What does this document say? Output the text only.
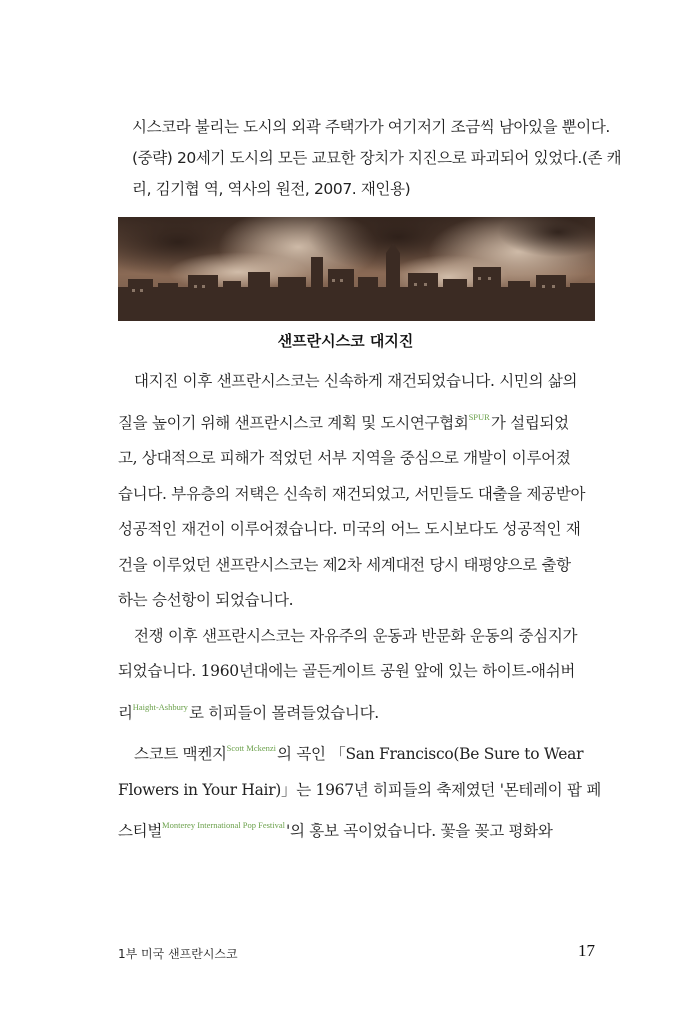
시스코라 불리는 도시의 외곽 주택가가 여기저기 조금씩 남아있을 뿐이다.
(중략) 20세기 도시의 모든 교묘한 장치가 지진으로 파괴되어 있었다.(존 캐
리, 김기협 역, 역사의 원전, 2007. 재인용)
샌프란시스코 대지진
대지진 이후 샌프란시스코는 신속하게 재건되었습니다. 시민의 삶의
질을 높이기 위해 샌프란시스코 계획 및 도시연구협회$^{SPUR}$가 설립되었
고, 상대적으로 피해가 적었던 서부 지역을 중심으로 개발이 이루어졌
습니다. 부유층의 저택은 신속히 재건되었고, 서민들도 대출을 제공받아
성공적인 재건이 이루어졌습니다. 미국의 어느 도시보다도 성공적인 재
건을 이루었던 샌프란시스코는 제2차 세계대전 당시 태평양으로 출항
하는 승선항이 되었습니다.
전쟁 이후 샌프란시스코는 자유주의 운동과 반문화 운동의 중심지가
되었습니다. 1960년대에는 골든게이트 공원 앞에 있는 하이트-애쉬버
리$^{Haight-Ashbury}$로 히피들이 몰려들었습니다.
스코트 맥켄지$^{Scott Mckenzi}$의 곡인 「San Francisco(Be Sure to Wear
Flowers in Your Hair)」는 1967년 히피들의 축제였던 '몬테레이 팝 페
스티벌$^{Monterey International Pop Festival}$'의 홍보 곡이었습니다. 꽃을 꽂고 평화와
1부 미국 샌프란시스코	17
